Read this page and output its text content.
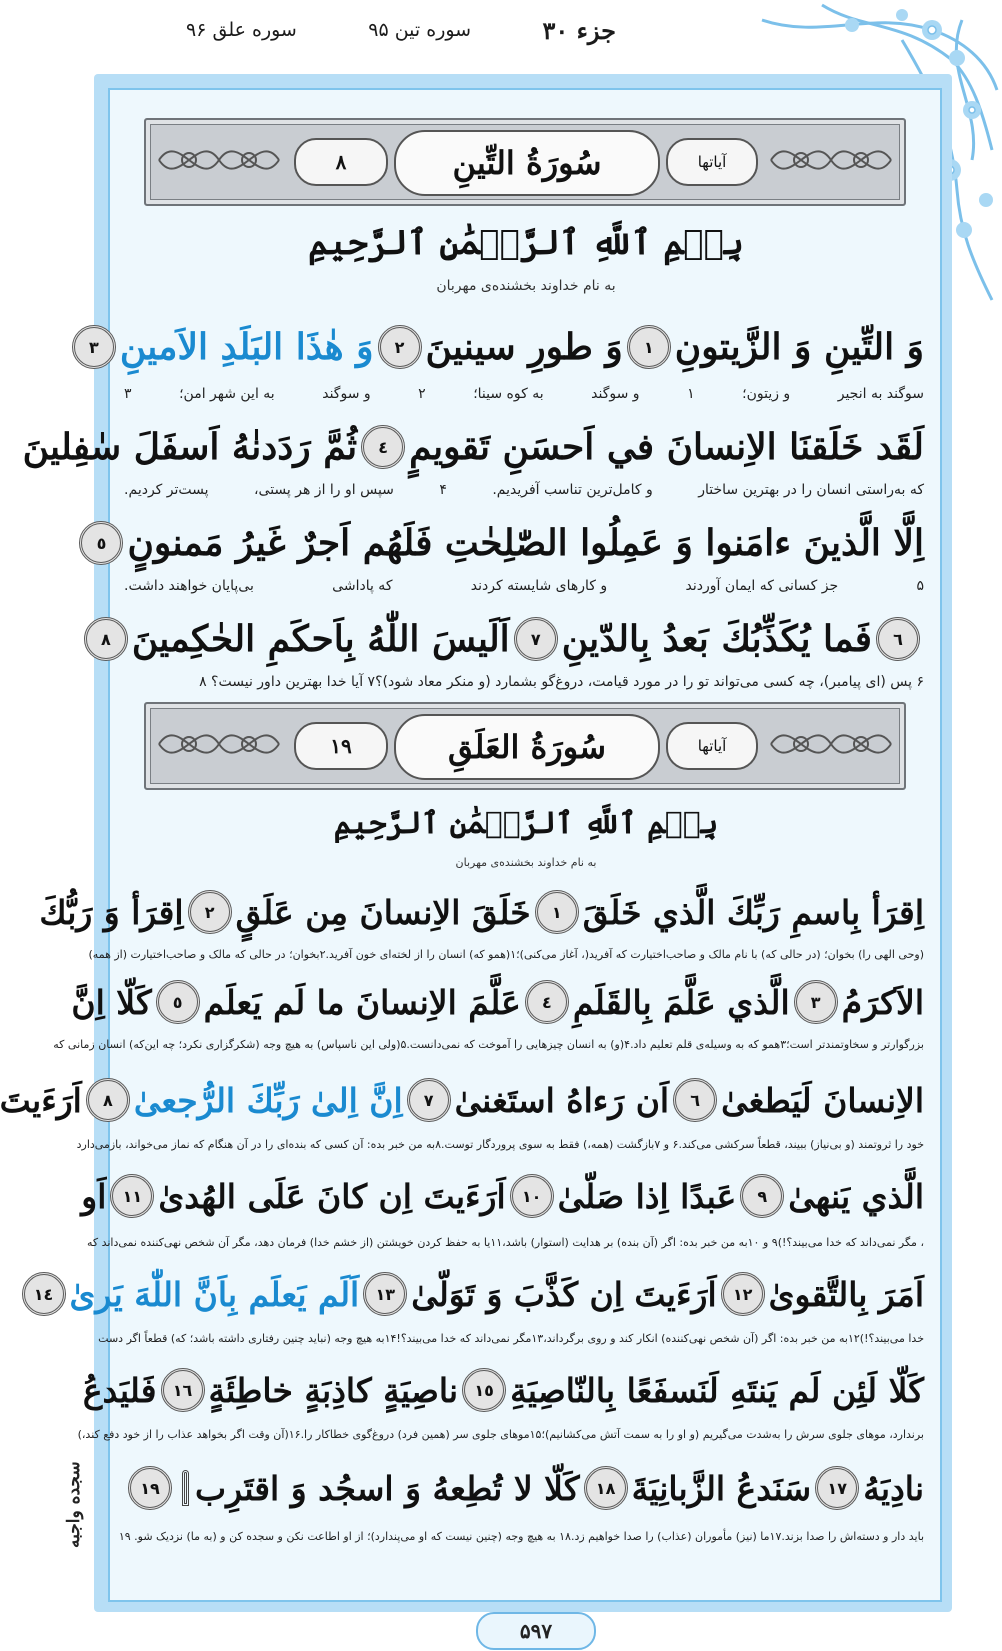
جزء ۳۰
سوره تین ۹۵
سوره علق ۹۶
سجده واجبه
۸	سُورَةُ التِّينِ	آیاتها
بِسۡمِ ٱللَّهِ ٱلرَّحۡمَٰنِ ٱلرَّحِيمِ
به نام خداوند بخشنده‌ی مهربان
وَ التِّينِ وَ الزَّيتونِ
١
وَ طورِ سينينَ
٢
وَ هٰذَا البَلَدِ الاَمينِ
٣
سوگند به انجیر
و زیتون؛
۱
و سوگند
به کوه سینا؛
۲
و سوگند
به این شهر امن؛
۳
لَقَد خَلَقنَا الاِنسانَ في اَحسَنِ تَقويمٍ
٤
ثُمَّ رَدَدنٰهُ اَسفَلَ سٰفِلينَ
که به‌راستی انسان را در بهترین ساختار
و کامل‌ترین تناسب آفریدیم.
۴
سپس او را از هر پستی،
پست‌تر کردیم.
اِلَّا الَّذينَ ءامَنوا وَ عَمِلُوا الصّٰلِحٰتِ فَلَهُم اَجرٌ غَيرُ مَمنونٍ
٥
۵
جز کسانی که ایمان آوردند
و کارهای شایسته کردند
که پاداشی
بی‌پایان خواهند داشت.
٦
فَما يُكَذِّبُكَ بَعدُ بِالدّينِ
٧
اَلَيسَ اللّٰهُ بِاَحكَمِ الحٰكِمينَ
٨
۶ پس (ای پیامبر)، چه کسی می‌تواند تو را در مورد قیامت، دروغ‌گو بشمارد (و منکر معاد شود)؟۷ آیا خدا بهترین داور نیست؟ ۸
۱۹	سُورَةُ العَلَقِ	آیاتها
بِسۡمِ ٱللَّهِ ٱلرَّحۡمَٰنِ ٱلرَّحِيمِ
به نام خداوند بخشنده‌ی مهربان
اِقرَأ بِاسمِ رَبِّكَ الَّذي خَلَقَ
١
خَلَقَ الاِنسانَ مِن عَلَقٍ
٢
اِقرَأ وَ رَبُّكَ
(وحی الهی را) بخوان؛ (در حالی که) با نام مالک و صاحب‌اختیارت که آفرید(، آغاز می‌کنی)؛۱(همو که) انسان را از لخته‌ای خون آفرید.۲بخوان؛ در حالی که مالک و صاحب‌اختیارت (از همه)
الاَكرَمُ
٣
الَّذي عَلَّمَ بِالقَلَمِ
٤
عَلَّمَ الاِنسانَ ما لَم يَعلَم
٥
كَلّا اِنَّ
بزرگوارتر و سخاوتمندتر است؛۳همو که به وسیله‌ی قلم تعلیم داد.۴(و) به انسان چیزهایی را آموخت که نمی‌دانست.۵(ولی این ناسپاس) به هیچ وجه (شکرگزاری نکرد؛ چه این‌که) انسان زمانی که
الاِنسانَ لَيَطغىٰ
٦
اَن رَءاهُ استَغنىٰ
٧
اِنَّ اِلىٰ رَبِّكَ الرُّجعىٰ
٨
اَرَءَيتَ
خود را ثروتمند (و بی‌نیاز) ببیند، قطعاً سرکشی می‌کند.۶ و ۷بازگشت (همه،) فقط به سوی پروردگار توست.۸به من خبر بده: آن کسی که بنده‌ای را در آن هنگام که نماز می‌خواند، بازمی‌دارد
الَّذي يَنهىٰ
٩
عَبدًا اِذا صَلّىٰ
١٠
اَرَءَيتَ اِن كانَ عَلَى الهُدىٰ
١١
اَو
، مگر نمی‌داند که خدا می‌بیند؟!)۹ و ۱۰به من خبر بده: اگر (آن بنده) بر هدایت (استوار) باشد،۱۱یا به حفظ کردن خویشتن (از خشم خدا) فرمان دهد، مگر آن شخص نهی‌کننده نمی‌داند که
اَمَرَ بِالتَّقوىٰ
١٢
اَرَءَيتَ اِن كَذَّبَ وَ تَوَلّىٰ
١٣
اَلَم يَعلَم بِاَنَّ اللّٰهَ يَرىٰ
١٤
خدا می‌بیند؟!)۱۲به من خبر بده: اگر (آن شخص نهی‌کننده) انکار کند و روی برگرداند،۱۳مگر نمی‌داند که خدا می‌بیند؟!۱۴به هیچ وجه (نباید چنین رفتاری داشته باشد؛ که) قطعاً اگر دست
كَلّا لَئِن لَم يَنتَهِ لَنَسفَعًا بِالنّاصِيَةِ
١٥
ناصِيَةٍ كاذِبَةٍ خاطِئَةٍ
١٦
فَليَدعُ
برندارد، موهای جلوی سرش را به‌شدت می‌گیریم (و او را به سمت آتش می‌کشانیم)؛۱۵موهای جلوی سر (همین فرد) دروغ‌گوی خطاکار را.۱۶(آن وقت اگر بخواهد عذاب را از خود دفع کند،)
نادِيَهُ
١٧
سَنَدعُ الزَّبانِيَةَ
١٨
كَلّا لا تُطِعهُ وَ اسجُد وَ اقتَرِب
١٩
باید دار و دسته‌اش را صدا بزند.۱۷ما (نیز) مأموران (عذاب) را صدا خواهیم زد.۱۸ به هیچ وجه (چنین نیست که او می‌پندارد)؛ از او اطاعت نکن و سجده کن و (به ما) نزدیک شو. ۱۹
۵۹۷
